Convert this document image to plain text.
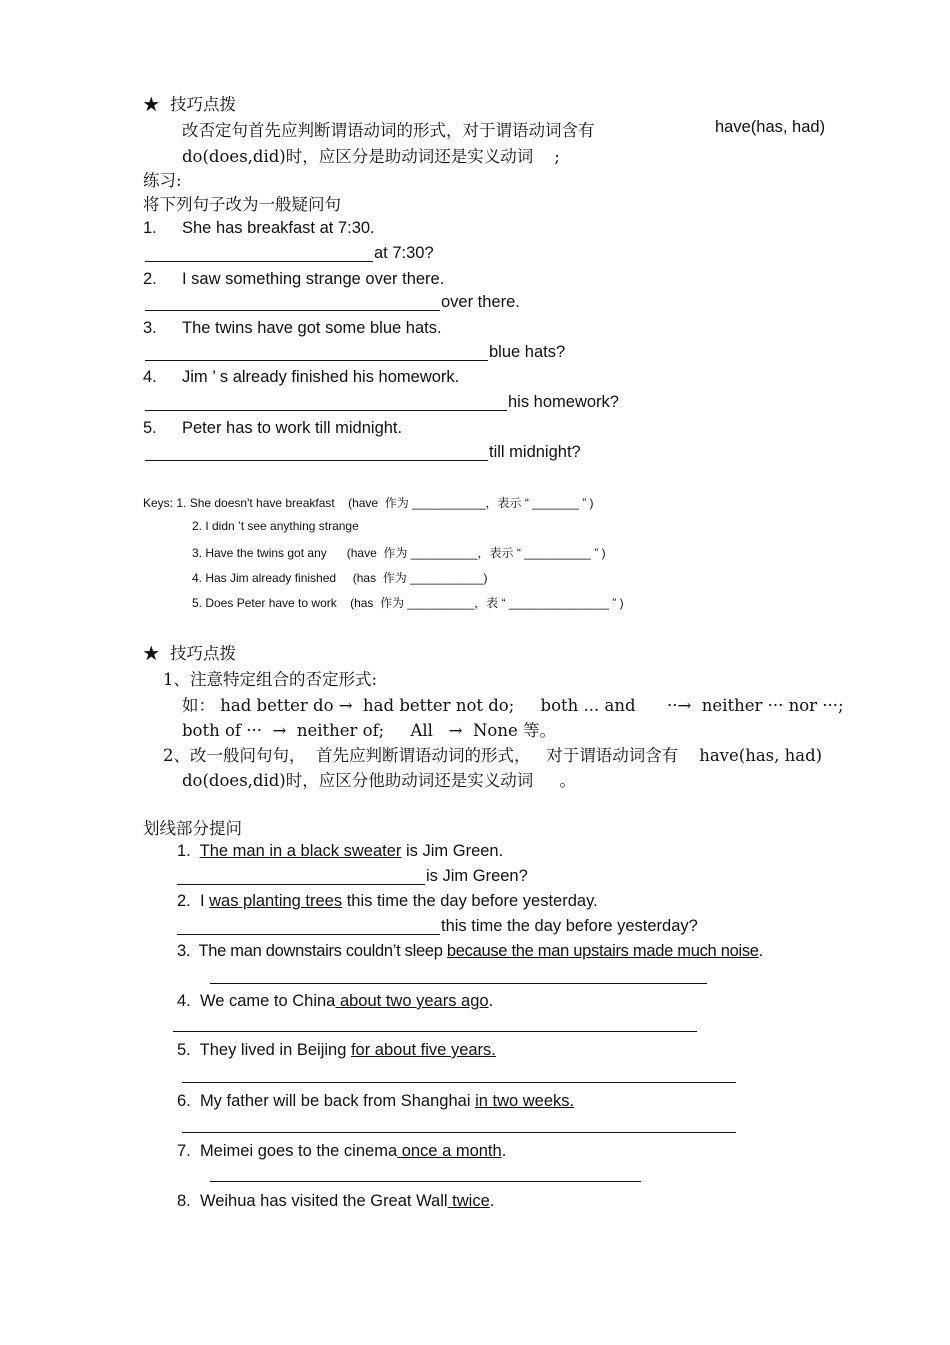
★  技巧点拨
改否定句首先应判断谓语动词的形式，对于谓语动词含有	have(has, had)
do(does,did)时，应区分是助动词还是实义动词    ;
练习:
将下列句子改为一般疑问句
1. She has breakfast at 7:30.
at 7:30?
2. I saw something strange over there.
over there.
3. The twins have got some blue hats.
blue hats?
4. Jim ’ s already finished his homework.
his homework?
5. Peter has to work till midnight.
till midnight?
Keys: 1. She doesn't have breakfast    (have  作为 ___________，表示 “ _______ ” )
2. I didn ’t see anything strange
3. Have the twins got any      (have  作为 __________，表示 “ __________ ” )
4. Has Jim already finished     (has  作为 ___________)
5. Does Peter have to work    (has  作为 __________，表 “ _______________ ” )
★  技巧点拨
1、注意特定组合的否定形式:
如： had better do →  had better not do;     both ... and      ··→  neither ··· nor ···;
both of ···  →  neither of;     All   →  None 等。
2、改一般问句句，  首先应判断谓语动词的形式，   对于谓语动词含有    have(has, had)
do(does,did)时，应区分他助动词还是实义动词     。
划线部分提问
1. The man in a black sweater is Jim Green.
is Jim Green?
2. I was planting trees this time the day before yesterday.
this time the day before yesterday?
3. The man downstairs couldn’t sleep because the man upstairs made much noise.
4. We came to China about two years ago.
5. They lived in Beijing for about five years.
6. My father will be back from Shanghai in two weeks.
7. Meimei goes to the cinema once a month.
8. Weihua has visited the Great Wall twice.
